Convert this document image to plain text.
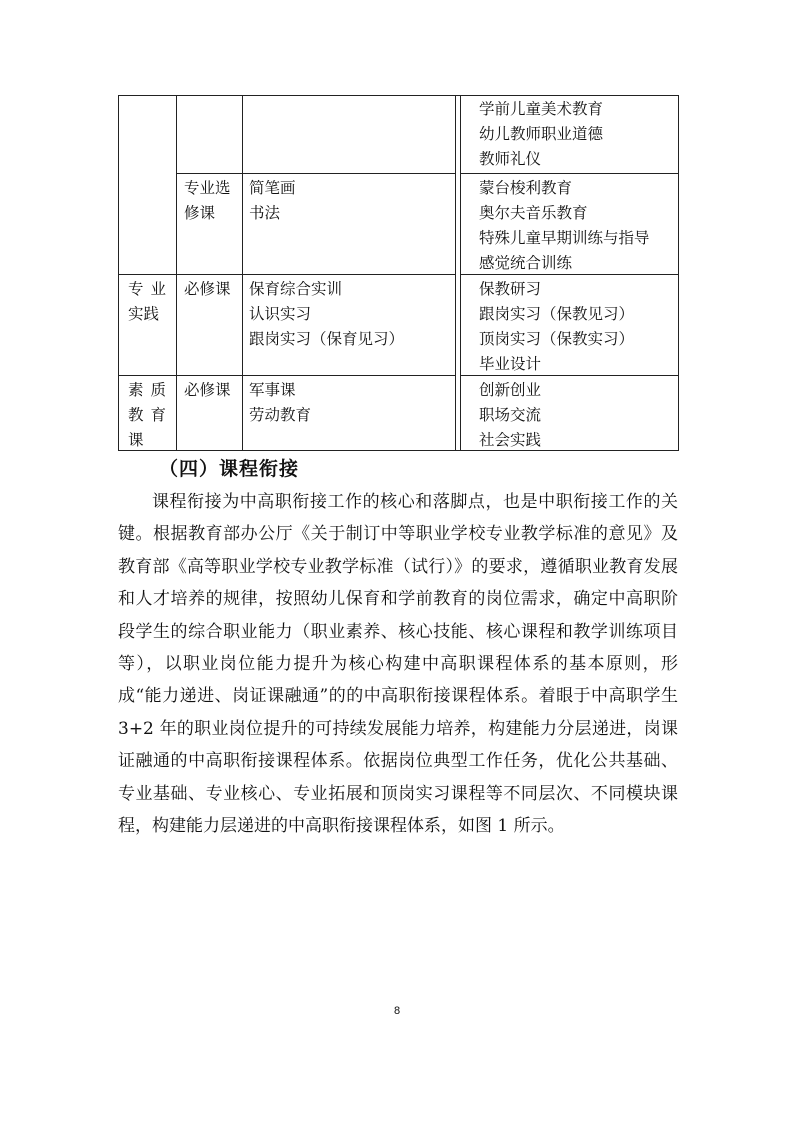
学前儿童美术教育
幼儿教师职业道德
教师礼仪
专业选
修课
简笔画
书法
蒙台梭利教育
奥尔夫音乐教育
特殊儿童早期训练与指导
感觉统合训练
专 业
实践
必修课 保育综合实训
认识实习
跟岗实习（保育见习）
保教研习
跟岗实习（保教见习）
顶岗实习（保教实习）
毕业设计
素 质
教 育
课
必修课 军事课
劳动教育
创新创业
职场交流
社会实践
（四）课程衔接
课程衔接为中高职衔接工作的核心和落脚点，也是中职衔接工作的关键。根据教育部办公厅《关于制订中等职业学校专业教学标准的意见》及教育部《高等职业学校专业教学标准（试行）》的要求，遵循职业教育发展和人才培养的规律，按照幼儿保育和学前教育的岗位需求，确定中高职阶段学生的综合职业能力（职业素养、核心技能、核心课程和教学训练项目等），以职业岗位能力提升为核心构建中高职课程体系的基本原则，形成“能力递进、岗证课融通”的的中高职衔接课程体系。着眼于中高职学生 3+2 年的职业岗位提升的可持续发展能力培养，构建能力分层递进，岗课证融通的中高职衔接课程体系。依据岗位典型工作任务，优化公共基础、专业基础、专业核心、专业拓展和顶岗实习课程等不同层次、不同模块课程，构建能力层递进的中高职衔接课程体系，如图 1 所示。
8
